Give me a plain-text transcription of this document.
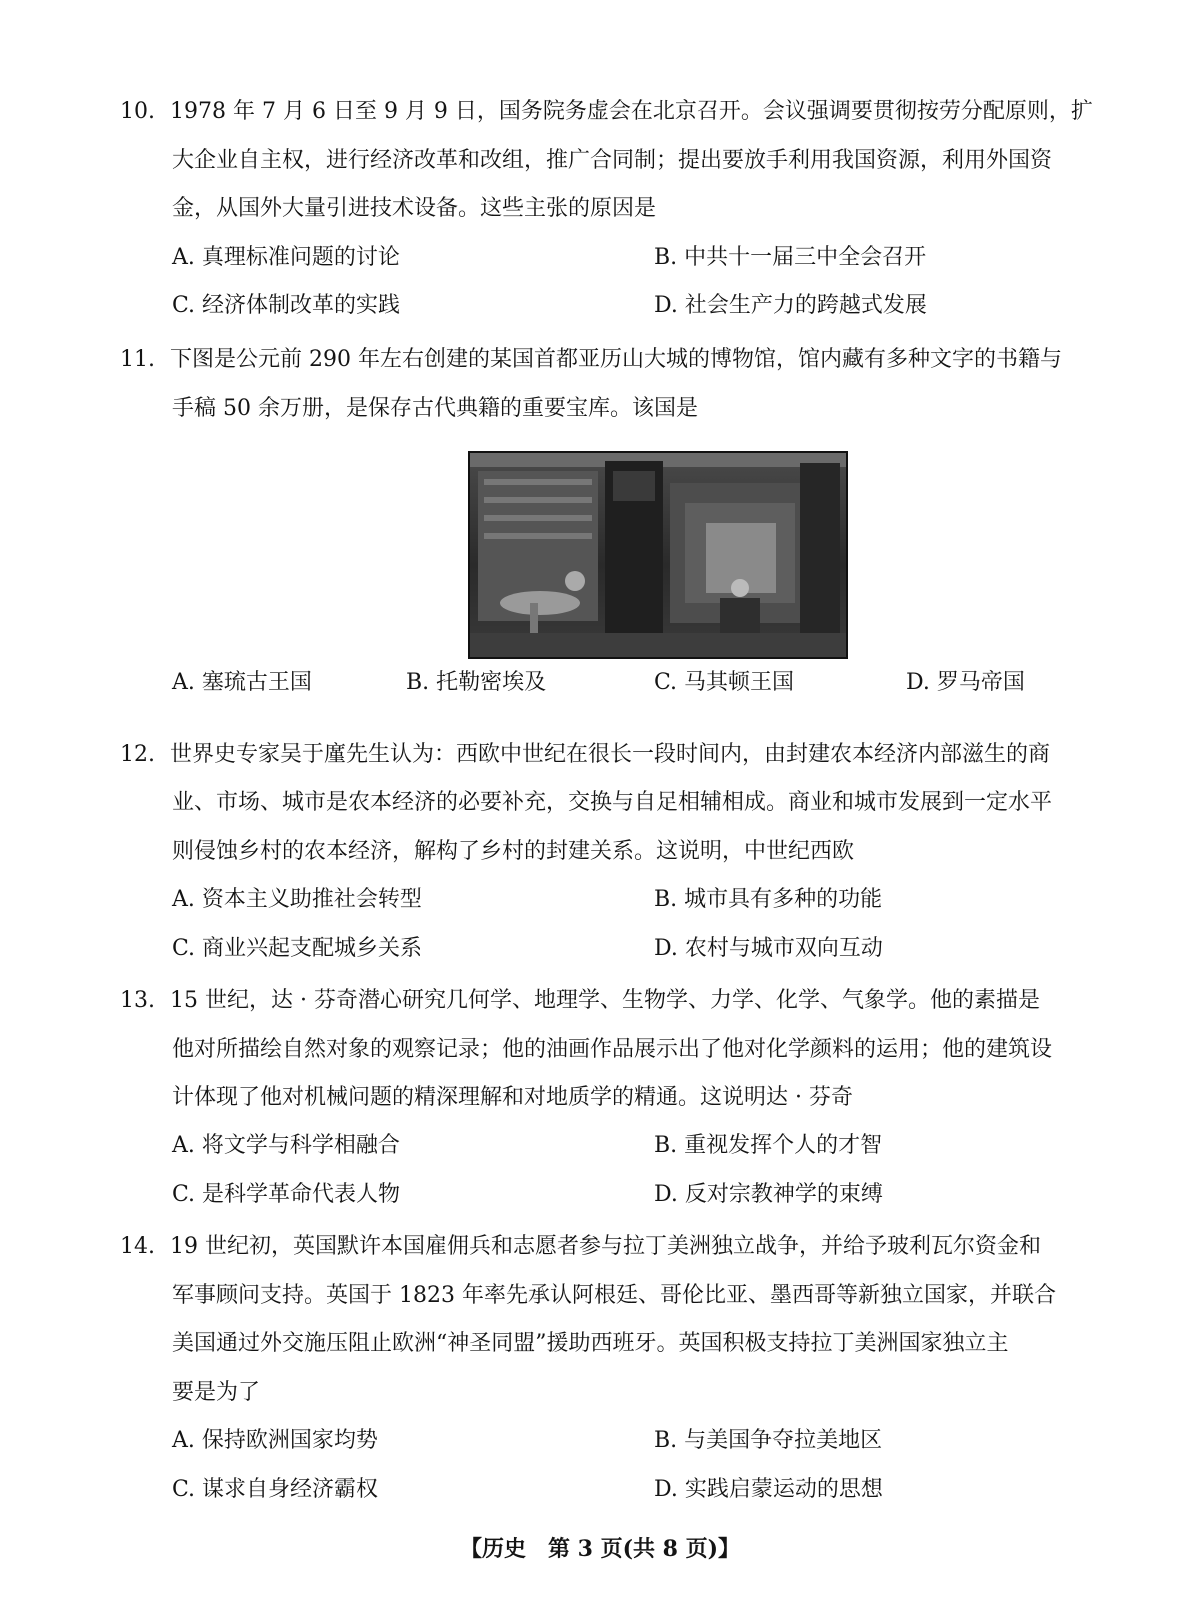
10. 1978 年 7 月 6 日至 9 月 9 日，国务院务虚会在北京召开。会议强调要贯彻按劳分配原则，扩
大企业自主权，进行经济改革和改组，推广合同制；提出要放手利用我国资源，利用外国资
金，从国外大量引进技术设备。这些主张的原因是
A. 真理标准问题的讨论	B. 中共十一届三中全会召开
C. 经济体制改革的实践	D. 社会生产力的跨越式发展
11. 下图是公元前 290 年左右创建的某国首都亚历山大城的博物馆，馆内藏有多种文字的书籍与
手稿 50 余万册，是保存古代典籍的重要宝库。该国是
A. 塞琉古王国	B. 托勒密埃及	C. 马其顿王国	D. 罗马帝国
12. 世界史专家吴于廑先生认为：西欧中世纪在很长一段时间内，由封建农本经济内部滋生的商
业、市场、城市是农本经济的必要补充，交换与自足相辅相成。商业和城市发展到一定水平
则侵蚀乡村的农本经济，解构了乡村的封建关系。这说明，中世纪西欧
A. 资本主义助推社会转型	B. 城市具有多种的功能
C. 商业兴起支配城乡关系	D. 农村与城市双向互动
13. 15 世纪，达 · 芬奇潜心研究几何学、地理学、生物学、力学、化学、气象学。他的素描是
他对所描绘自然对象的观察记录；他的油画作品展示出了他对化学颜料的运用；他的建筑设
计体现了他对机械问题的精深理解和对地质学的精通。这说明达 · 芬奇
A. 将文学与科学相融合	B. 重视发挥个人的才智
C. 是科学革命代表人物	D. 反对宗教神学的束缚
14. 19 世纪初，英国默许本国雇佣兵和志愿者参与拉丁美洲独立战争，并给予玻利瓦尔资金和
军事顾问支持。英国于 1823 年率先承认阿根廷、哥伦比亚、墨西哥等新独立国家，并联合
美国通过外交施压阻止欧洲“神圣同盟”援助西班牙。英国积极支持拉丁美洲国家独立主
要是为了
A. 保持欧洲国家均势	B. 与美国争夺拉美地区
C. 谋求自身经济霸权	D. 实践启蒙运动的思想
【历史　第 3 页(共 8 页)】
